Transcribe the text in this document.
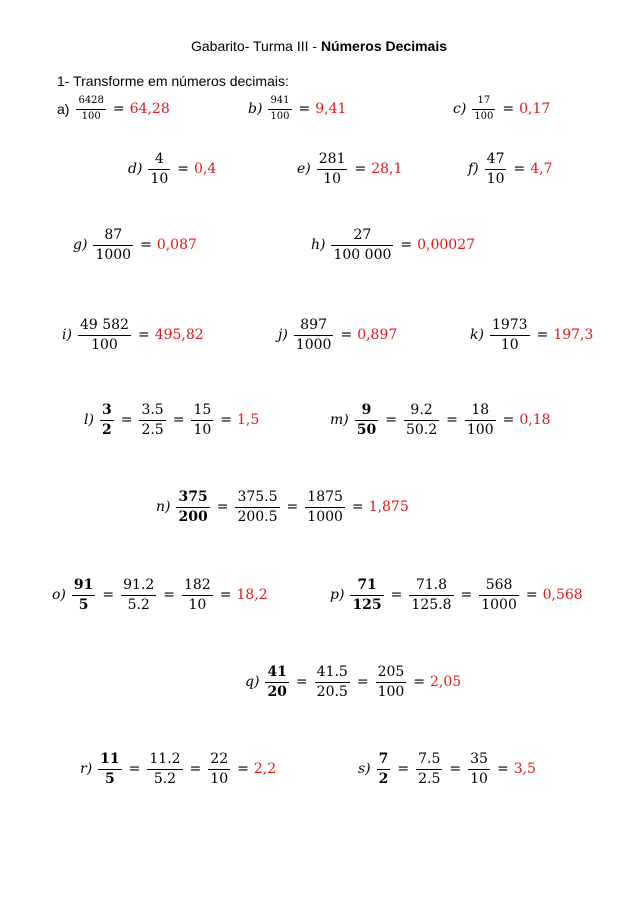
Gabarito- Turma III - Números Decimais
1- Transforme em números decimais:
$a) \frac{6428}{100} = 64,28$	$b) \frac{941}{100} = 9,41$	$c) \frac{17}{100} = 0,17$
$d) \frac{4}{10} = 0,4$	$e) \frac{281}{10} = 28,1$	$f) \frac{47}{10} = 4,7$
$g) \frac{87}{1000} = 0,087$	$h) \frac{27}{100 000} = 0,00027$
$i) \frac{49 582}{100} = 495,82$	$j) \frac{897}{1000} = 0,897$	$k) \frac{1973}{10} = 197,3$
$l) \frac{3}{2} = \frac{3.5}{2.5} = \frac{15}{10} = 1,5$	$m) \frac{9}{50} = \frac{9.2}{50.2} = \frac{18}{100} = 0,18$
$n) \frac{375}{200} = \frac{375.5}{200.5} = \frac{1875}{1000} = 1,875$
$o) \frac{91}{5} = \frac{91.2}{5.2} = \frac{182}{10} = 18,2$	$p) \frac{71}{125} = \frac{71.8}{125.8} = \frac{568}{1000} = 0,568$
$q) \frac{41}{20} = \frac{41.5}{20.5} = \frac{205}{100} = 2,05$
$r) \frac{11}{5} = \frac{11.2}{5.2} = \frac{22}{10} = 2,2$	$s) \frac{7}{2} = \frac{7.5}{2.5} = \frac{35}{10} = 3,5$
